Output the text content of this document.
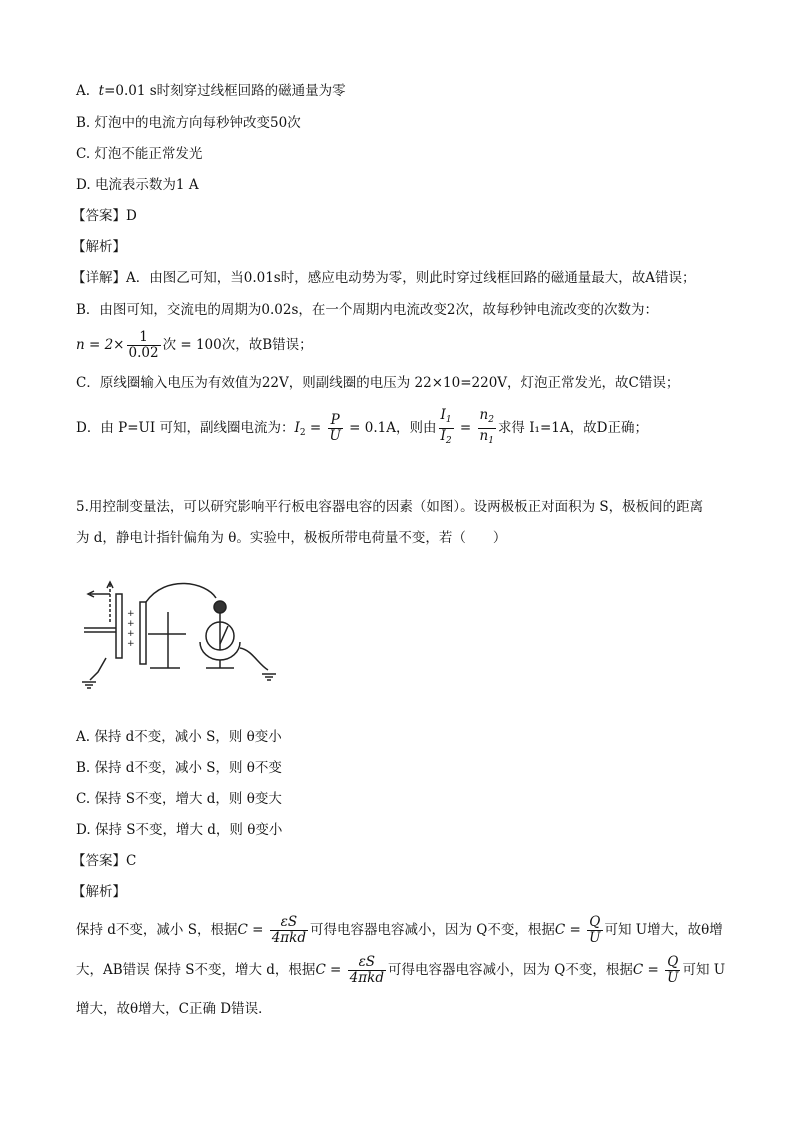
A. t=0.01 s时刻穿过线框回路的磁通量为零
B. 灯泡中的电流方向每秒钟改变50次
C. 灯泡不能正常发光
D. 电流表示数为1 A
【答案】D
【解析】
【详解】A．由图乙可知，当0.01s时，感应电动势为零，则此时穿过线框回路的磁通量最大，故A错误；
B．由图可知，交流电的周期为0.02s，在一个周期内电流改变2次，故每秒钟电流改变的次数为：
$n = 2\times \frac{1}{0.02}$ 次 = 100次，故B错误；
C．原线圈输入电压为有效值为22V，则副线圈的电压为 22×10=220V，灯泡正常发光，故C错误；
D．由 P=UI 可知，副线圈电流为：$I_2 = \frac{P}{U} = 0.1A$，则由 $\frac{I_1}{I_2} = \frac{n_2}{n_1}$ 求得 I₁=1A，故D正确；
5.用控制变量法，可以研究影响平行板电容器电容的因素（如图）。设两极板正对面积为 S，极板间的距离
为 d，静电计指针偏角为 θ。实验中，极板所带电荷量不变，若（　　）
+
+
+
+
A. 保持 d不变，减小 S，则 θ变小
B. 保持 d不变，减小 S，则 θ不变
C. 保持 S不变，增大 d，则 θ变大
D. 保持 S不变，增大 d，则 θ变小
【答案】C
【解析】
保持 d不变，减小 S，根据$C = \frac{\varepsilon S}{\text{4πkd}}$ 可得电容器电容减小，因为 Q不变，根据$C = \frac{Q}{U}$ 可知 U增大，故θ增
大，AB错误 保持 S不变，增大 d，根据$C = \frac{\varepsilon S}{\text{4πkd}}$ 可得电容器电容减小，因为 Q不变，根据$C = \frac{Q}{U}$ 可知 U
增大，故θ增大，C正确 D错误．
